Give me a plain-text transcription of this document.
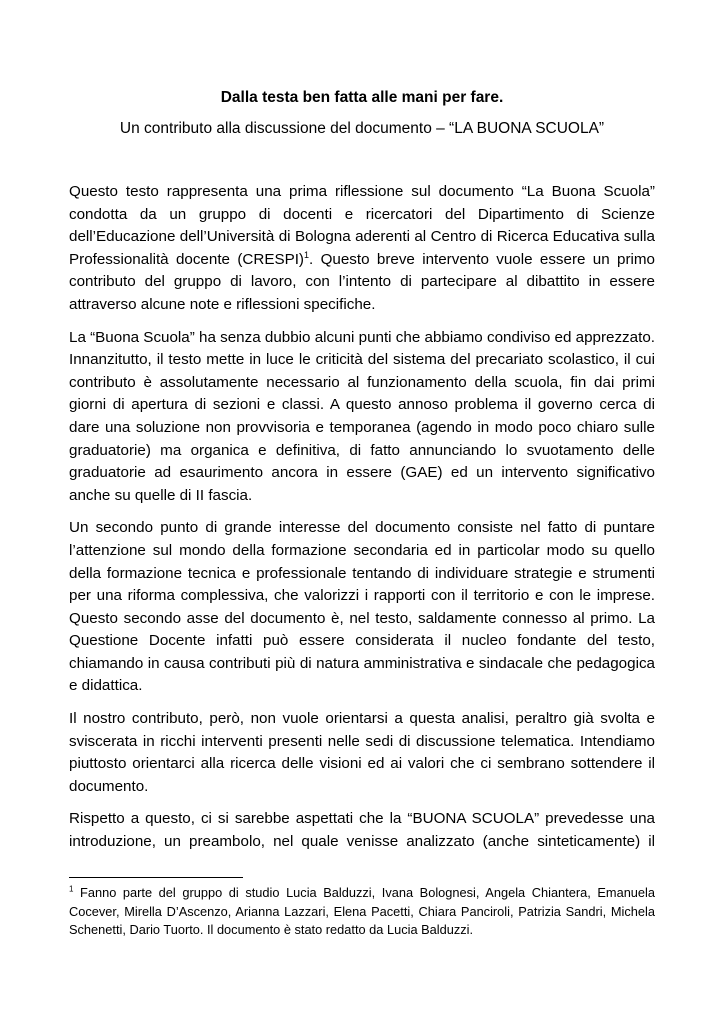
Dalla testa ben fatta alle mani per fare.

Un contributo alla discussione del documento – “LA BUONA SCUOLA”

Questo testo rappresenta una prima riflessione sul documento “La Buona Scuola” condotta da un gruppo di docenti e ricercatori del Dipartimento di Scienze dell’Educazione dell’Università di Bologna aderenti al Centro di Ricerca Educativa sulla Professionalità docente (CRESPI)$^1$. Questo breve intervento vuole essere un primo contributo del gruppo di lavoro, con l’intento di partecipare al dibattito in essere attraverso alcune note e riflessioni specifiche.

La “Buona Scuola” ha senza dubbio alcuni punti che abbiamo condiviso ed apprezzato. Innanzitutto, il testo mette in luce le criticità del sistema del precariato scolastico, il cui contributo è assolutamente necessario al funzionamento della scuola, fin dai primi giorni di apertura di sezioni e classi. A questo annoso problema il governo cerca di dare una soluzione non provvisoria e temporanea (agendo in modo poco chiaro sulle graduatorie) ma organica e definitiva, di fatto annunciando lo svuotamento delle graduatorie ad esaurimento ancora in essere (GAE) ed un intervento significativo anche su quelle di II fascia.

Un secondo punto di grande interesse del documento consiste nel fatto di puntare l’attenzione sul mondo della formazione secondaria ed in particolar modo su quello della formazione tecnica e professionale tentando di individuare strategie e strumenti per una riforma complessiva, che valorizzi i rapporti con il territorio e con le imprese. Questo secondo asse del documento è, nel testo, saldamente connesso al primo. La Questione Docente infatti può essere considerata il nucleo fondante del testo, chiamando in causa contributi più di natura amministrativa e sindacale che pedagogica e didattica.

Il nostro contributo, però, non vuole orientarsi a questa analisi, peraltro già svolta e sviscerata in ricchi interventi presenti nelle sedi di discussione telematica. Intendiamo piuttosto orientarci alla ricerca delle visioni ed ai valori che ci sembrano sottendere il documento.

Rispetto a questo, ci si sarebbe aspettati che la “BUONA SCUOLA” prevedesse una introduzione, un preambolo, nel quale venisse analizzato (anche sinteticamente) il

$^1$ Fanno parte del gruppo di studio Lucia Balduzzi, Ivana Bolognesi, Angela Chiantera, Emanuela Cocever, Mirella D’Ascenzo, Arianna Lazzari, Elena Pacetti, Chiara Panciroli, Patrizia Sandri, Michela Schenetti, Dario Tuorto. Il documento è stato redatto da Lucia Balduzzi.
